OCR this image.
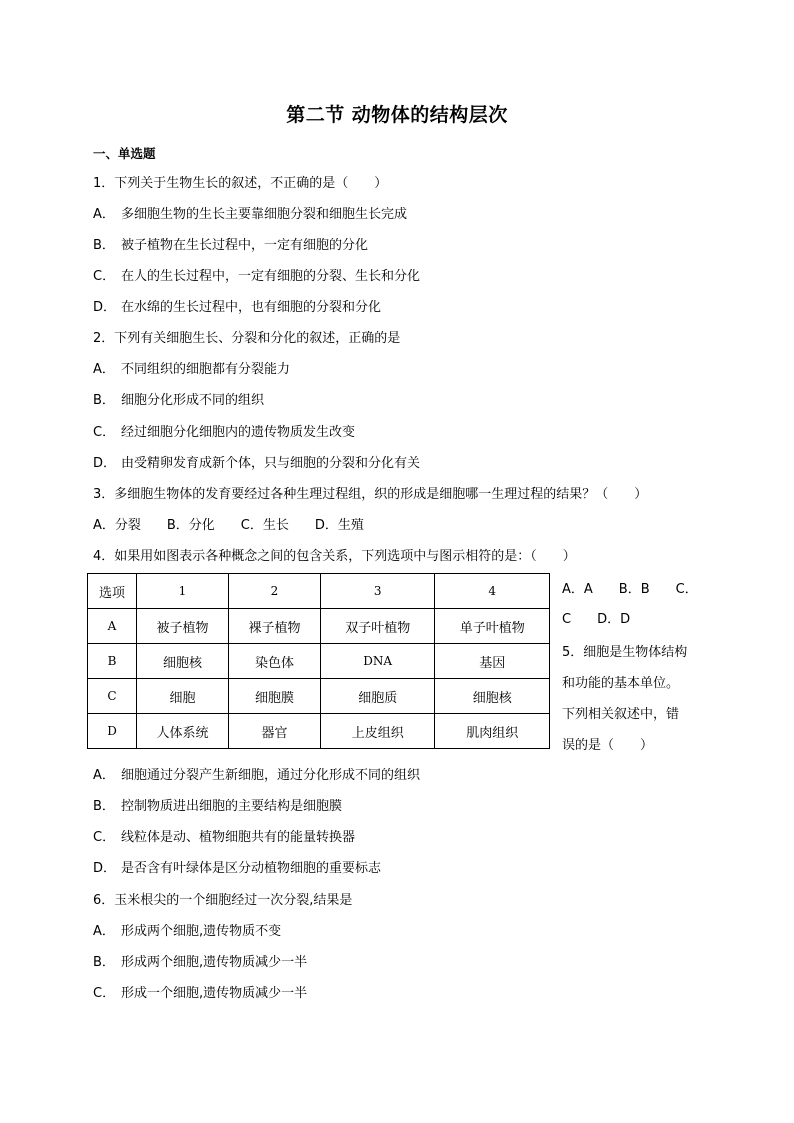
第二节 动物体的结构层次
一、单选题
1．下列关于生物生长的叙述，不正确的是（　　）
A． 多细胞生物的生长主要靠细胞分裂和细胞生长完成
B． 被子植物在生长过程中，一定有细胞的分化
C． 在人的生长过程中，一定有细胞的分裂、生长和分化
D． 在水绵的生长过程中，也有细胞的分裂和分化
2．下列有关细胞生长、分裂和分化的叙述，正确的是
A． 不同组织的细胞都有分裂能力
B． 细胞分化形成不同的组织
C． 经过细胞分化细胞内的遗传物质发生改变
D． 由受精卵发育成新个体，只与细胞的分裂和分化有关
3．多细胞生物体的发育要经过各种生理过程组，织的形成是细胞哪一生理过程的结果？（　　）
A．分裂　　B．分化　　C．生长　　D．生殖
4．如果用如图表示各种概念之间的包含关系，下列选项中与图示相符的是：（　　）
选项	1	2	3	4
A	被子植物	裸子植物	双子叶植物	单子叶植物
B	细胞核	染色体	DNA	基因
C	细胞	细胞膜	细胞质	细胞核
D	人体系统	器官	上皮组织	肌肉组织
A．A　　B．B　　C．
C　　D．D
5．细胞是生物体结构
和功能的基本单位。
下列相关叙述中，错
误的是（　　）
A． 细胞通过分裂产生新细胞，通过分化形成不同的组织
B． 控制物质进出细胞的主要结构是细胞膜
C． 线粒体是动、植物细胞共有的能量转换器
D． 是否含有叶绿体是区分动植物细胞的重要标志
6．玉米根尖的一个细胞经过一次分裂,结果是
A． 形成两个细胞,遗传物质不变
B． 形成两个细胞,遗传物质减少一半
C． 形成一个细胞,遗传物质减少一半
